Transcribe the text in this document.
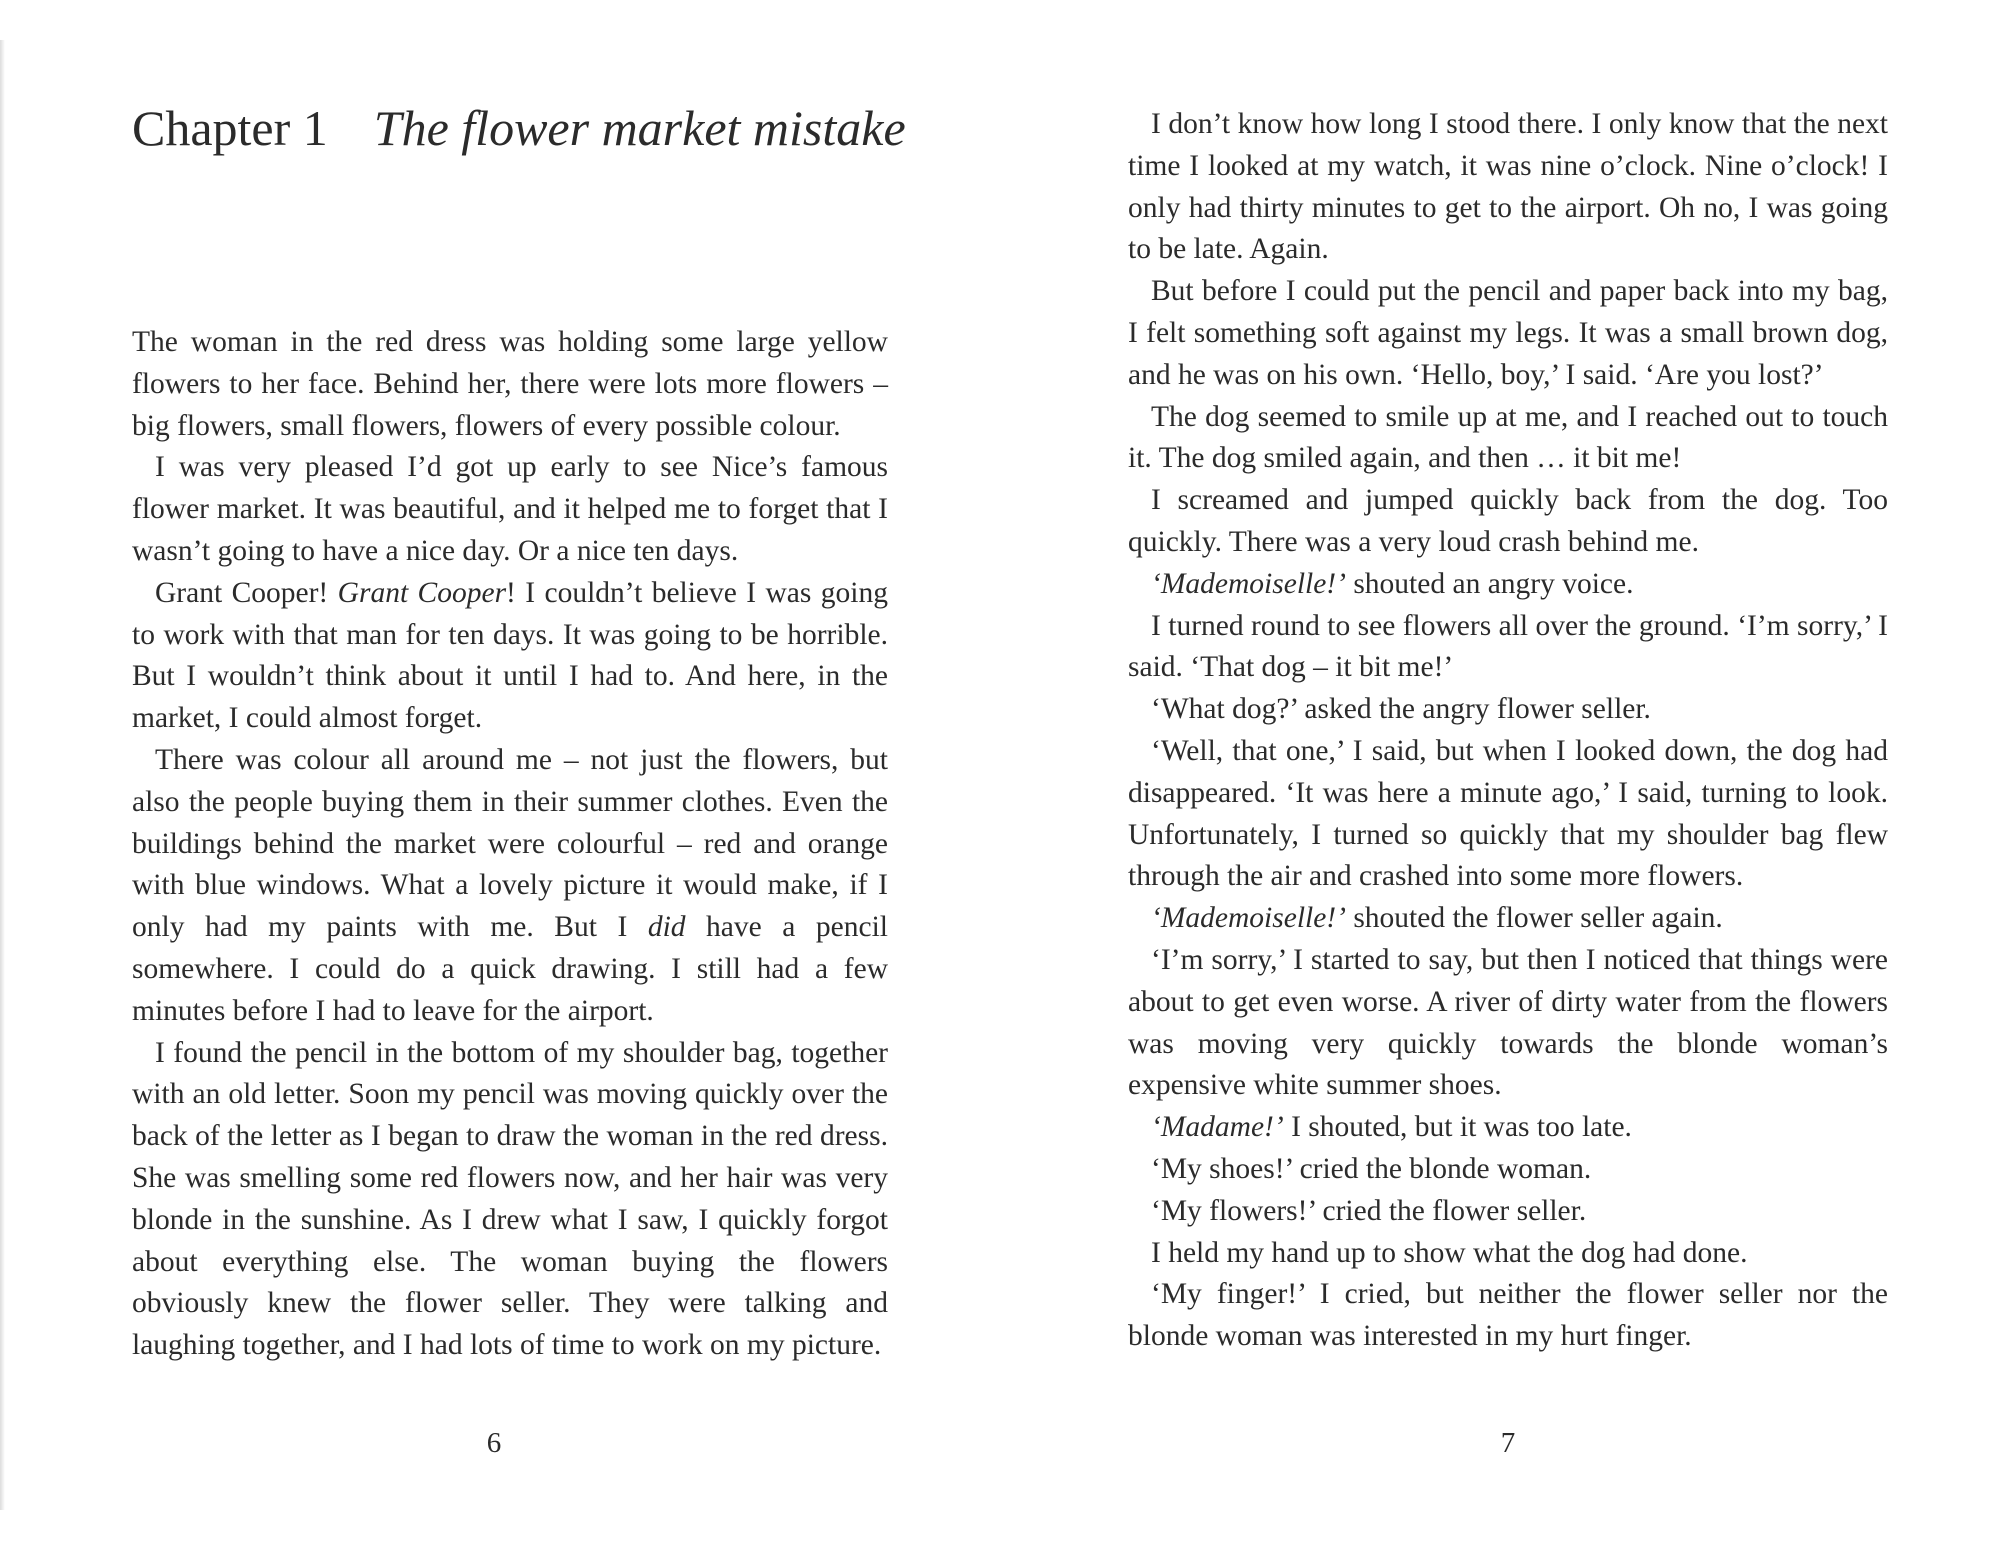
Chapter 1 The flower market mistake

The woman in the red dress was holding some large yellow flowers to her face. Behind her, there were lots more flowers – big flowers, small flowers, flowers of every possible colour.

I was very pleased I’d got up early to see Nice’s famous flower market. It was beautiful, and it helped me to forget that I wasn’t going to have a nice day. Or a nice ten days.

Grant Cooper! Grant Cooper! I couldn’t believe I was going to work with that man for ten days. It was going to be horrible. But I wouldn’t think about it until I had to. And here, in the market, I could almost forget.

There was colour all around me – not just the flowers, but also the people buying them in their summer clothes. Even the buildings behind the market were colourful – red and orange with blue windows. What a lovely picture it would make, if I only had my paints with me. But I did have a pencil somewhere. I could do a quick drawing. I still had a few minutes before I had to leave for the airport.

I found the pencil in the bottom of my shoulder bag, together with an old letter. Soon my pencil was moving quickly over the back of the letter as I began to draw the woman in the red dress. She was smelling some red flowers now, and her hair was very blonde in the sunshine. As I drew what I saw, I quickly forgot about everything else. The woman buying the flowers obviously knew the flower seller. They were talking and laughing together, and I had lots of time to work on my picture.

6

I don’t know how long I stood there. I only know that the next time I looked at my watch, it was nine o’clock. Nine o’clock! I only had thirty minutes to get to the airport. Oh no, I was going to be late. Again.

But before I could put the pencil and paper back into my bag, I felt something soft against my legs. It was a small brown dog, and he was on his own. ‘Hello, boy,’ I said. ‘Are you lost?’

The dog seemed to smile up at me, and I reached out to touch it. The dog smiled again, and then … it bit me!

I screamed and jumped quickly back from the dog. Too quickly. There was a very loud crash behind me.

‘Mademoiselle!’ shouted an angry voice.

I turned round to see flowers all over the ground. ‘I’m sorry,’ I said. ‘That dog – it bit me!’

‘What dog?’ asked the angry flower seller.

‘Well, that one,’ I said, but when I looked down, the dog had disappeared. ‘It was here a minute ago,’ I said, turning to look. Unfortunately, I turned so quickly that my shoulder bag flew through the air and crashed into some more flowers.

‘Mademoiselle!’ shouted the flower seller again.

‘I’m sorry,’ I started to say, but then I noticed that things were about to get even worse. A river of dirty water from the flowers was moving very quickly towards the blonde woman’s expensive white summer shoes.

‘Madame!’ I shouted, but it was too late.

‘My shoes!’ cried the blonde woman.

‘My flowers!’ cried the flower seller.

I held my hand up to show what the dog had done.

‘My finger!’ I cried, but neither the flower seller nor the blonde woman was interested in my hurt finger.

7
